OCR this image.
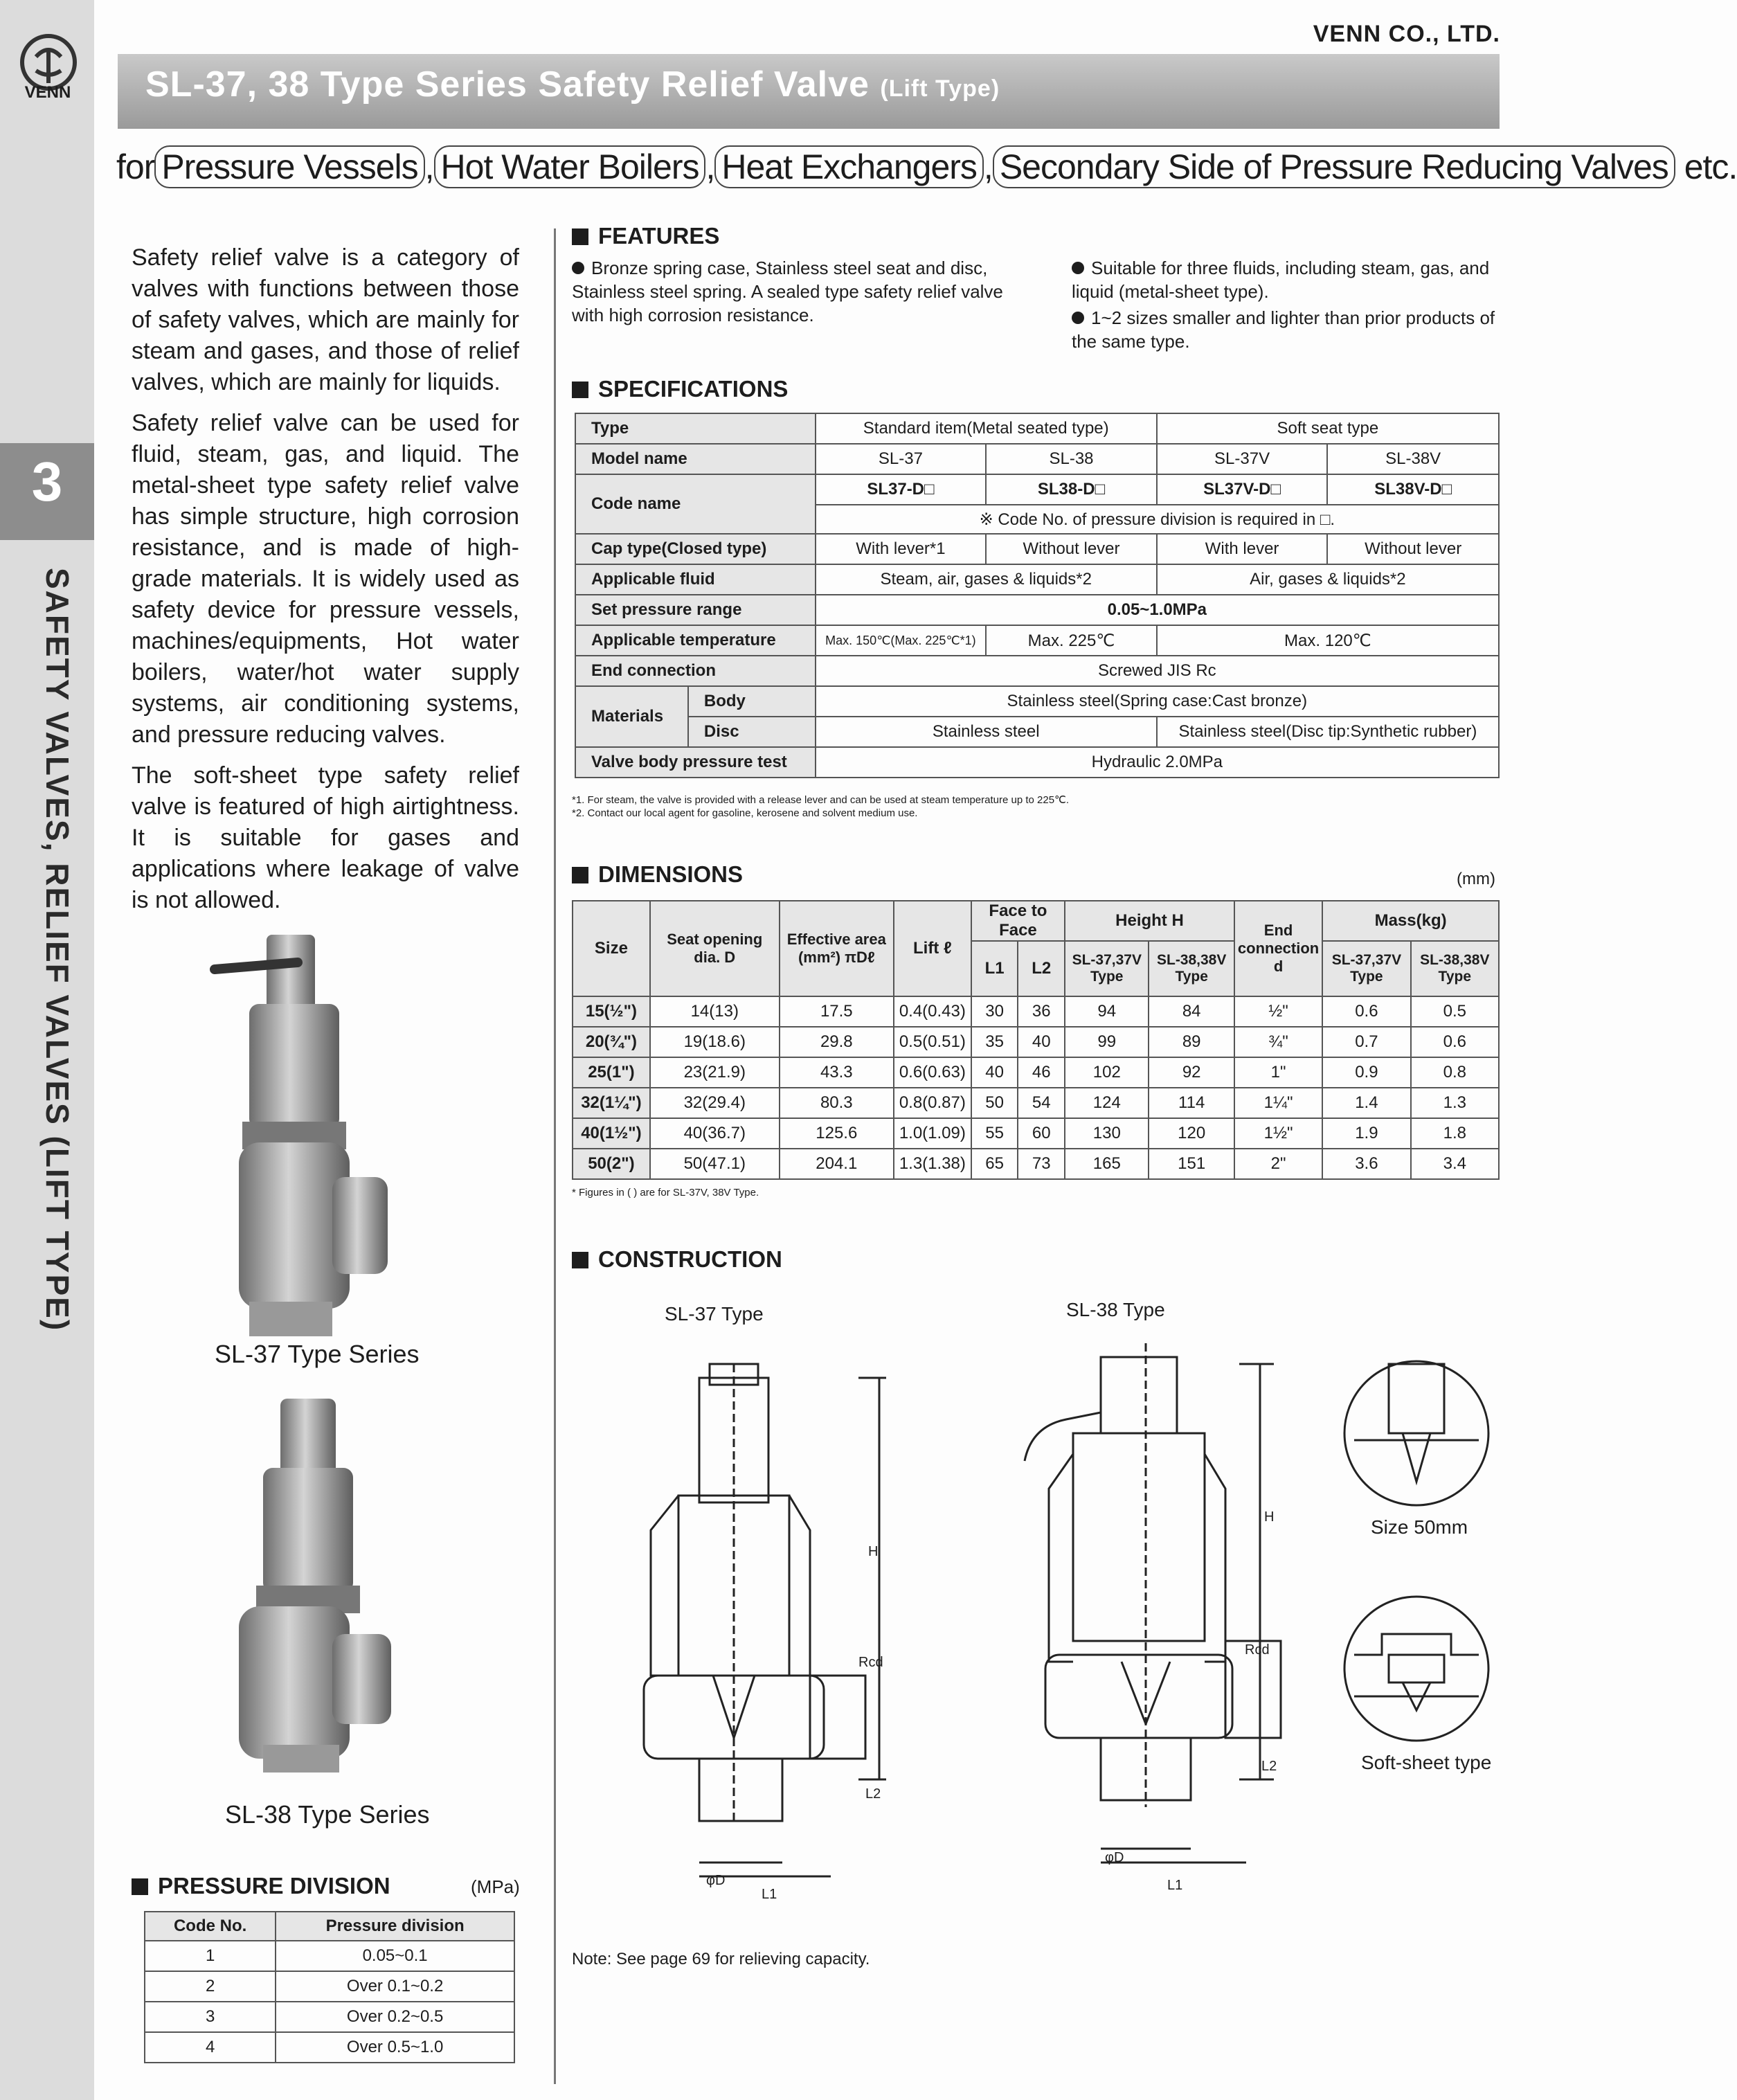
3
SAFETY VALVES, RELIEF VALVES (LIFT TYPE)
VENN
VENN CO., LTD.
SL-37, 38 Type Series Safety Relief Valve (Lift Type)
for Pressure Vessels , Hot Water Boilers , Heat Exchangers , Secondary Side of Pressure Reducing Valves etc.

Safety relief valve is a category of valves with functions between those of safety valves, which are mainly for steam and gases, and those of relief valves, which are mainly for liquids.

Safety relief valve can be used for fluid, steam, gas, and liquid. The metal-sheet type safety relief valve has simple structure, high corrosion resistance, and is made of high-grade materials. It is widely used as safety device for pressure vessels, machines/equipments, Hot water boilers, water/hot water supply systems, air conditioning systems, and pressure reducing valves.

The soft-sheet type safety relief valve is featured of high airtightness. It is suitable for gases and applications where leakage of valve is not allowed.

SL-37 Type Series
SL-38 Type Series
PRESSURE DIVISION	(MPa)
Code No.	Pressure division
1	0.05~0.1
2	Over 0.1~0.2
3	Over 0.2~0.5
4	Over 0.5~1.0
FEATURES
Bronze spring case, Stainless steel seat and disc, Stainless steel spring. A sealed type safety relief valve with high corrosion resistance.
Suitable for three fluids, including steam, gas, and liquid (metal-sheet type).
1~2 sizes smaller and lighter than prior products of the same type.
SPECIFICATIONS
Type		Standard item(Metal seated type)		Soft seat type	
Model name		SL-37	SL-38	SL-37V	SL-38V
Code name		SL37-D□	SL38-D□	SL37V-D□	SL38V-D□
		※ Code No. of pressure division is required in □.			
Cap type(Closed type)		With lever*1	Without lever	With lever	Without lever
Applicable fluid		Steam, air, gases & liquids*2		Air, gases & liquids*2	
Set pressure range		0.05~1.0MPa			
Applicable temperature		Max. 150℃(Max. 225℃*1)	Max. 225℃	Max. 120℃	
End connection		Screwed JIS Rc			
Materials	Body	Stainless steel(Spring case:Cast bronze)			
	Disc	Stainless steel		Stainless steel(Disc tip:Synthetic rubber)	
Valve body pressure test		Hydraulic 2.0MPa			
*1. For steam, the valve is provided with a release lever and can be used at steam temperature up to 225℃.
*2. Contact our local agent for gasoline, kerosene and solvent medium use.
DIMENSIONS	(mm)
Size	Seat opening dia. D	Effective area (mm²) πDℓ	Lift ℓ	Face to Face		Height H		End connection d	Mass(kg)	
				L1	L2	SL-37,37V Type	SL-38,38V Type		SL-37,37V Type	SL-38,38V Type
15(½")	14(13)	17.5	0.4(0.43)	30	36	94	84	½"	0.6	0.5
20(¾")	19(18.6)	29.8	0.5(0.51)	35	40	99	89	¾"	0.7	0.6
25(1")	23(21.9)	43.3	0.6(0.63)	40	46	102	92	1"	0.9	0.8
32(1¼")	32(29.4)	80.3	0.8(0.87)	50	54	124	114	1¼"	1.4	1.3
40(1½")	40(36.7)	125.6	1.0(1.09)	55	60	130	120	1½"	1.9	1.8
50(2")	50(47.1)	204.1	1.3(1.38)	65	73	165	151	2"	3.6	3.4
* Figures in ( ) are for SL-37V, 38V Type.
CONSTRUCTION
SL-37 Type	SL-38 Type
H
Rcd
L2
φD
L1
H
Rcd
L2
φD
L1
Size 50mm
Soft-sheet type
Note: See page 69 for relieving capacity.
